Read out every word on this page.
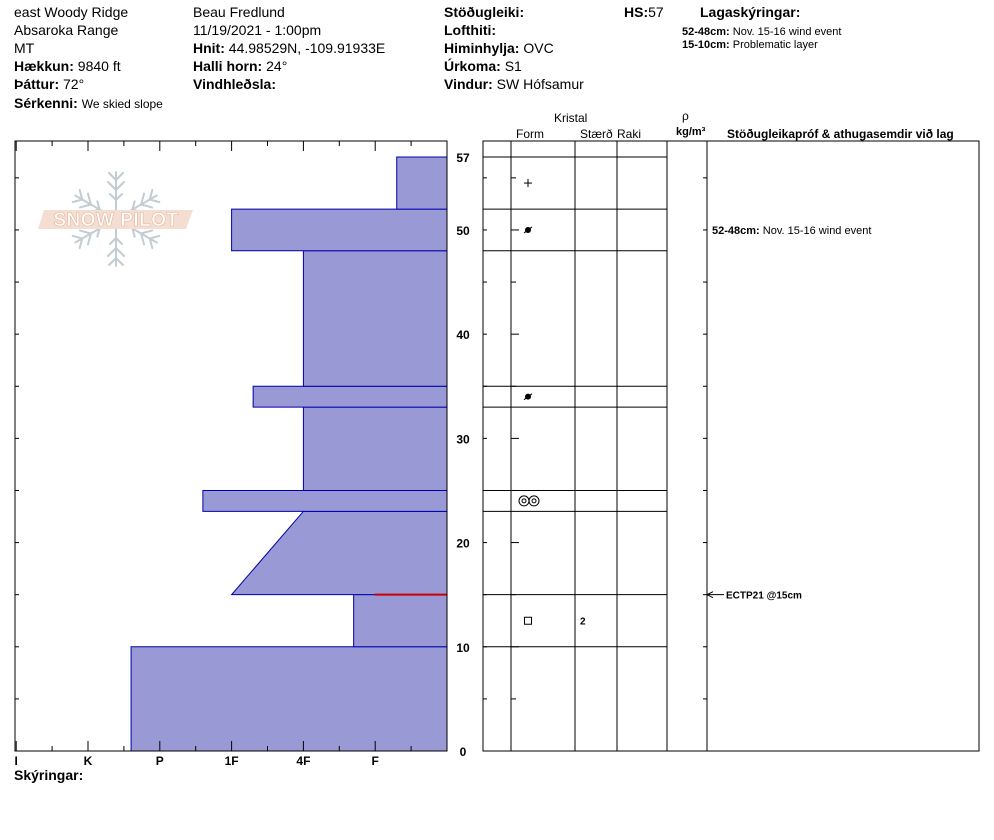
east Woody Ridge
Absaroka Range
MT
Hækkun: 9840 ft
Þáttur: 72°
Sérkenni: We skied slope
Beau Fredlund
11/19/2021 - 1:00pm
Hnit: 44.98529N, -109.91933E
Halli horn: 24°
Vindhleðsla:
Stöðugleiki:
Lofthiti:
Himinhylja: OVC
Úrkoma: S1
Vindur: SW Hófsamur
HS:57	Lagaskýringar:
52-48cm: Nov. 15-16 wind event
15-10cm: Problematic layer
Kristal
Form	Stærð Raki
ρ
kg/m³ Stöðugleikapróf & athugasemdir við lag
Skýringar:
SNOW PILOT
I	K	P	1F	4F	F
0
10
20
30
40
50
57
2
52-48cm: Nov. 15-16 wind event
ECTP21 @15cm
